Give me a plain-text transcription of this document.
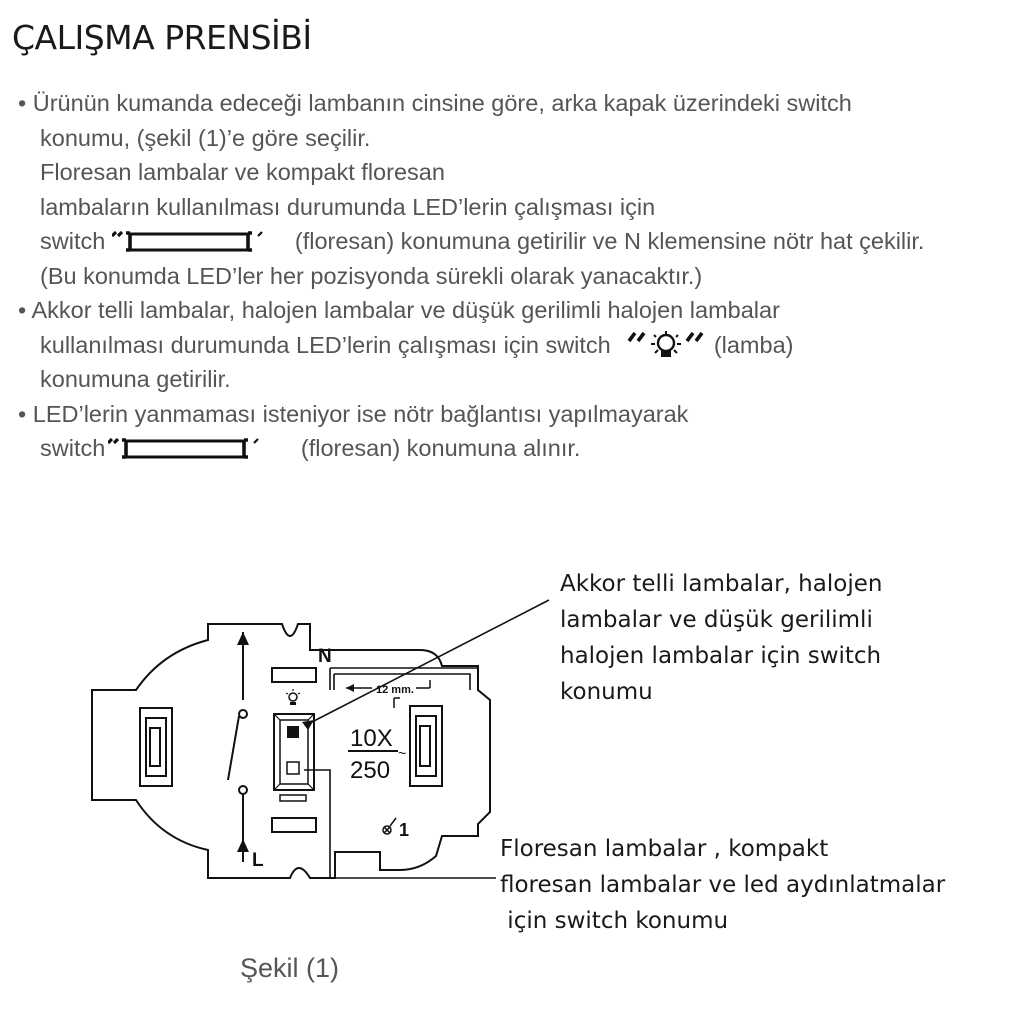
ÇALIŞMA PRENSİBİ
• Ürünün kumanda edeceği lambanın cinsine göre, arka kapak üzerindeki switch
konumu, (şekil (1)’e göre seçilir.
Floresan lambalar ve kompakt floresan
lambaların kullanılması durumunda LED’lerin çalışması için
switch	(floresan) konumuna getirilir ve N klemensine nötr hat çekilir.
(Bu konumda LED’ler her pozisyonda sürekli olarak yanacaktır.)
• Akkor telli lambalar, halojen lambalar ve düşük gerilimli halojen lambalar
kullanılması durumunda LED’lerin çalışması için switch	(lamba)
konumuna getirilir.
• LED’lerin yanmaması isteniyor ise nötr bağlantısı yapılmayarak
switch	(floresan) konumuna alınır.
N
L
12 mm.
10X
250
~
1
Akkor telli lambalar, halojen
lambalar ve düşük gerilimli
halojen lambalar için switch
konumu
Floresan lambalar , kompakt
floresan lambalar ve led aydınlatmalar
için switch konumu
Şekil (1)
